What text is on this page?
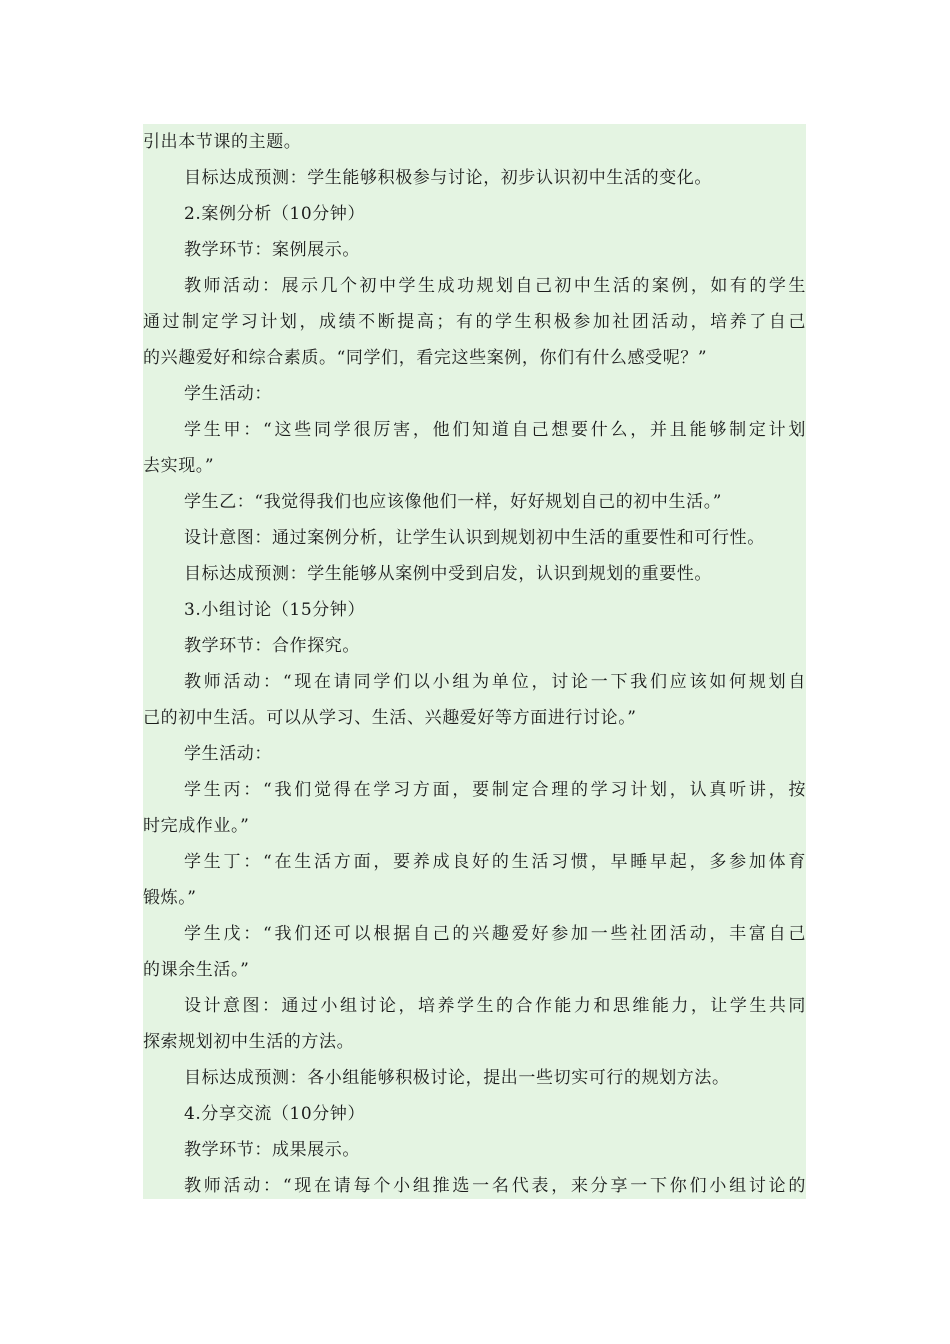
引出本节课的主题。
目标达成预测：学生能够积极参与讨论，初步认识初中生活的变化。
2.案例分析（10分钟）
教学环节：案例展示。
教师活动：展示几个初中学生成功规划自己初中生活的案例，如有的学生
通过制定学习计划，成绩不断提高；有的学生积极参加社团活动，培养了自己
的兴趣爱好和综合素质。“同学们，看完这些案例，你们有什么感受呢？”
学生活动：
学生甲：“这些同学很厉害，他们知道自己想要什么，并且能够制定计划
去实现。”
学生乙：“我觉得我们也应该像他们一样，好好规划自己的初中生活。”
设计意图：通过案例分析，让学生认识到规划初中生活的重要性和可行性。
目标达成预测：学生能够从案例中受到启发，认识到规划的重要性。
3.小组讨论（15分钟）
教学环节：合作探究。
教师活动：“现在请同学们以小组为单位，讨论一下我们应该如何规划自
己的初中生活。可以从学习、生活、兴趣爱好等方面进行讨论。”
学生活动：
学生丙：“我们觉得在学习方面，要制定合理的学习计划，认真听讲，按
时完成作业。”
学生丁：“在生活方面，要养成良好的生活习惯，早睡早起，多参加体育
锻炼。”
学生戊：“我们还可以根据自己的兴趣爱好参加一些社团活动，丰富自己
的课余生活。”
设计意图：通过小组讨论，培养学生的合作能力和思维能力，让学生共同
探索规划初中生活的方法。
目标达成预测：各小组能够积极讨论，提出一些切实可行的规划方法。
4.分享交流（10分钟）
教学环节：成果展示。
教师活动：“现在请每个小组推选一名代表，来分享一下你们小组讨论的
